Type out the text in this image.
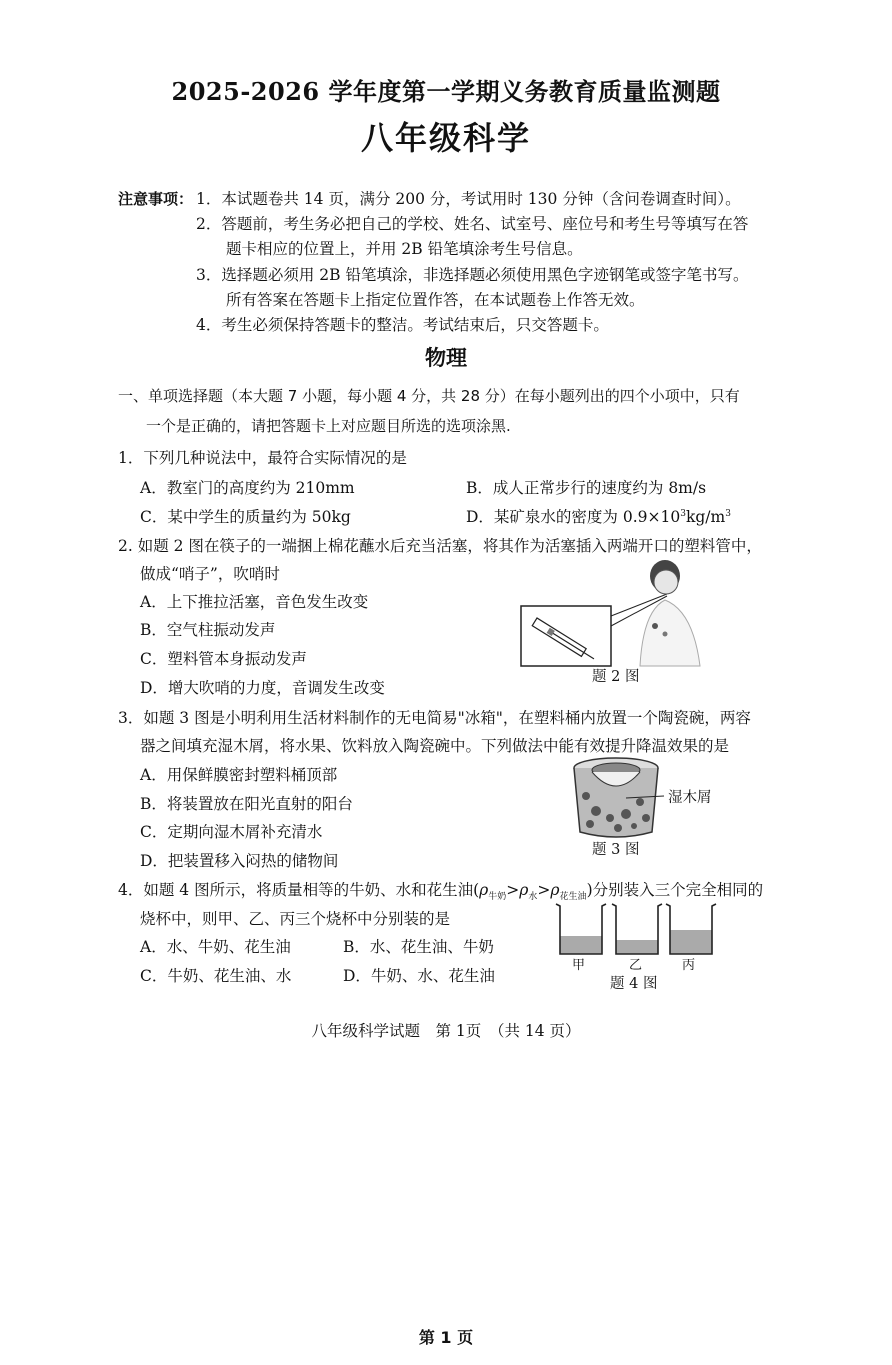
2025-2026 学年度第一学期义务教育质量监测题
八年级科学
注意事项： 1．本试题卷共 14 页，满分 200 分，考试用时 130 分钟（含问卷调查时间）。
2．答题前，考生务必把自己的学校、姓名、试室号、座位号和考生号等填写在答
题卡相应的位置上，并用 2B 铅笔填涂考生号信息。
3．选择题必须用 2B 铅笔填涂，非选择题必须使用黑色字迹钢笔或签字笔书写。
所有答案在答题卡上指定位置作答，在本试题卷上作答无效。
4．考生必须保持答题卡的整洁。考试结束后，只交答题卡。
物理
一、单项选择题（本大题 7 小题，每小题 4 分，共 28 分）在每小题列出的四个小项中，只有
一个是正确的，请把答题卡上对应题目所选的选项涂黑.
1．下列几种说法中，最符合实际情况的是
A．教室门的高度约为 210mm	B．成人正常步行的速度约为 8m/s
C．某中学生的质量约为 50kg	D．某矿泉水的密度为 $0.9\times 10^3kg/m^3$
2. 如题 2 图在筷子的一端捆上棉花蘸水后充当活塞，将其作为活塞插入两端开口的塑料管中，
做成“哨子”，吹哨时
A．上下推拉活塞，音色发生改变
B．空气柱振动发声
C．塑料管本身振动发声
D．增大吹哨的力度，音调发生改变
题 2 图
3．如题 3 图是小明利用生活材料制作的无电简易"冰箱"，在塑料桶内放置一个陶瓷碗，两容
器之间填充湿木屑，将水果、饮料放入陶瓷碗中。下列做法中能有效提升降温效果的是
A．用保鲜膜密封塑料桶顶部
B．将装置放在阳光直射的阳台
C．定期向湿木屑补充清水
D．把装置移入闷热的储物间
湿木屑
题 3 图
4．如题 4 图所示，将质量相等的牛奶、水和花生油$(\rho_{牛奶}>\rho_水>\rho_{花生油})$分别装入三个完全相同的
烧杯中，则甲、乙、丙三个烧杯中分别装的是
A．水、牛奶、花生油	B．水、花生油、牛奶
C．牛奶、花生油、水	D．牛奶、水、花生油
甲	乙	丙
题 4 图
八年级科学试题　第 1页　（共 14 页）
第 1 页
